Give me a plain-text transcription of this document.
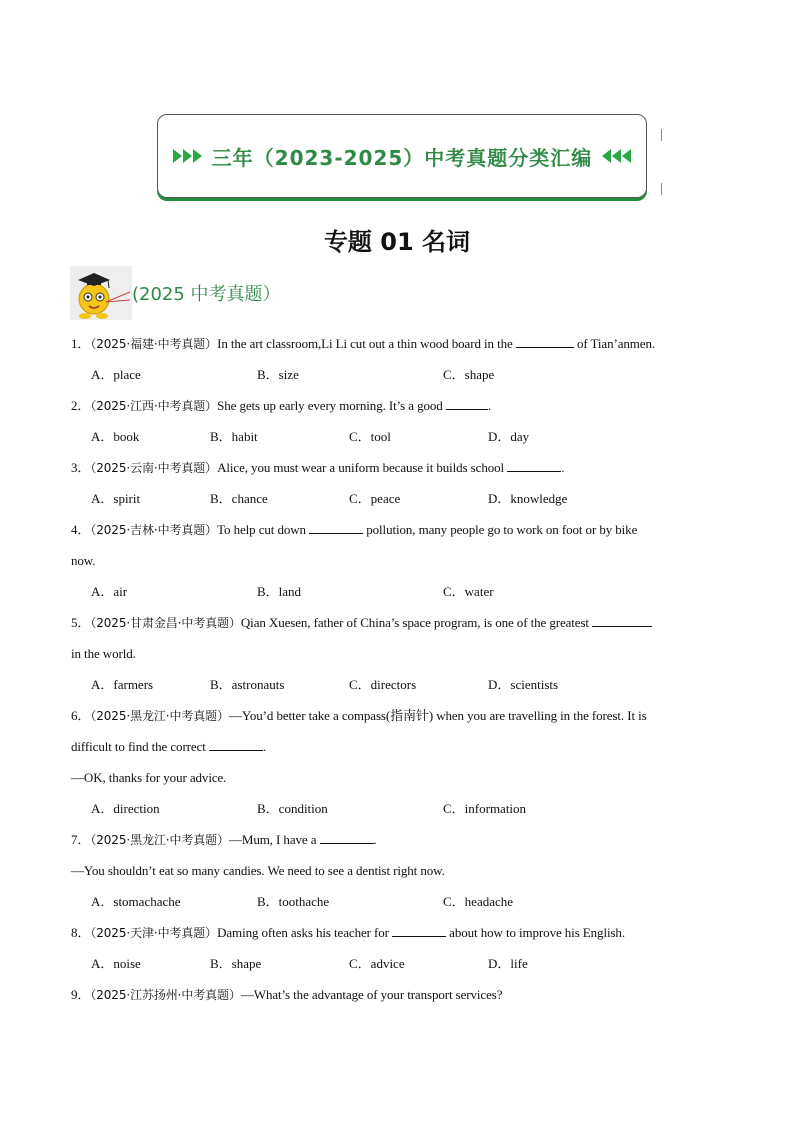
三年（2023-2025）中考真题分类汇编
专题 01 名词
(2025 中考真题）
1．（2025·福建·中考真题）In the art classroom,Li Li cut out a thin wood board in the	of Tian’anmen.
A．place	B．size	C．shape
2．（2025·江西·中考真题）She gets up early every morning. It’s a good	.
A．book	B．habit	C．tool	D．day
3．（2025·云南·中考真题）Alice, you must wear a uniform because it builds school	.
A．spirit	B．chance	C．peace	D．knowledge
4．（2025·吉林·中考真题）To help cut down	pollution, many people go to work on foot or by bike
now.
A．air	B．land	C．water
5．（2025·甘肃金昌·中考真题）Qian Xuesen, father of China’s space program, is one of the greatest
in the world.
A．farmers	B．astronauts	C．directors	D．scientists
6．（2025·黑龙江·中考真题）—You’d better take a compass(指南针) when you are travelling in the forest. It is
difficult to find the correct	.
—OK, thanks for your advice.
A．direction	B．condition	C．information
7．（2025·黑龙江·中考真题）—Mum, I have a	.
—You shouldn’t eat so many candies. We need to see a dentist right now.
A．stomachache	B．toothache	C．headache
8．（2025·天津·中考真题）Daming often asks his teacher for	about how to improve his English.
A．noise	B．shape	C．advice	D．life
9．（2025·江苏扬州·中考真题）—What’s the advantage of your transport services?
